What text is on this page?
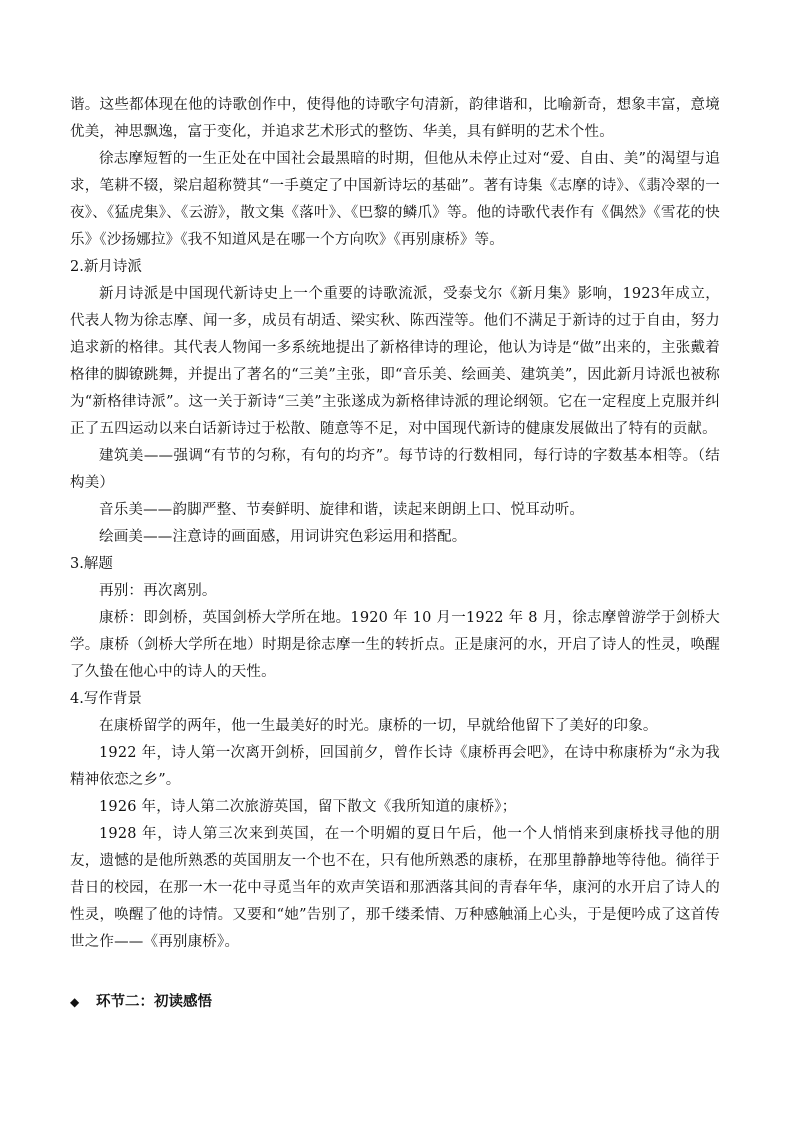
谐。这些都体现在他的诗歌创作中，使得他的诗歌字句清新，韵律谐和，比喻新奇，想象丰富，意境优美，神思飘逸，富于变化，并追求艺术形式的整饬、华美，具有鲜明的艺术个性。

徐志摩短暂的一生正处在中国社会最黑暗的时期，但他从未停止过对“爱、自由、美”的渴望与追求，笔耕不辍，梁启超称赞其“一手奠定了中国新诗坛的基础”。著有诗集《志摩的诗》、《翡冷翠的一夜》、《猛虎集》、《云游》，散文集《落叶》、《巴黎的鳞爪》等。他的诗歌代表作有《偶然》《雪花的快乐》《沙扬娜拉》《我不知道风是在哪一个方向吹》《再别康桥》等。

2.新月诗派

新月诗派是中国现代新诗史上一个重要的诗歌流派，受泰戈尔《新月集》影响，1923年成立，代表人物为徐志摩、闻一多，成员有胡适、梁实秋、陈西滢等。他们不满足于新诗的过于自由，努力追求新的格律。其代表人物闻一多系统地提出了新格律诗的理论，他认为诗是“做”出来的，主张戴着格律的脚镣跳舞，并提出了著名的“三美”主张，即“音乐美、绘画美、建筑美”，因此新月诗派也被称为“新格律诗派”。这一关于新诗“三美”主张遂成为新格律诗派的理论纲领。它在一定程度上克服并纠正了五四运动以来白话新诗过于松散、随意等不足，对中国现代新诗的健康发展做出了特有的贡献。

建筑美——强调“有节的匀称，有句的均齐”。每节诗的行数相同，每行诗的字数基本相等。（结构美）

音乐美——韵脚严整、节奏鲜明、旋律和谐，读起来朗朗上口、悦耳动听。

绘画美——注意诗的画面感，用词讲究色彩运用和搭配。

3.解题

再别：再次离别。

康桥：即剑桥，英国剑桥大学所在地。1920 年 10 月一1922 年 8 月，徐志摩曾游学于剑桥大学。康桥（剑桥大学所在地）时期是徐志摩一生的转折点。正是康河的水，开启了诗人的性灵，唤醒了久蛰在他心中的诗人的天性。

4.写作背景

在康桥留学的两年，他一生最美好的时光。康桥的一切，早就给他留下了美好的印象。

1922 年，诗人第一次离开剑桥，回国前夕，曾作长诗《康桥再会吧》，在诗中称康桥为“永为我精神依恋之乡”。

1926 年，诗人第二次旅游英国，留下散文《我所知道的康桥》；

1928 年，诗人第三次来到英国，在一个明媚的夏日午后，他一个人悄悄来到康桥找寻他的朋友，遗憾的是他所熟悉的英国朋友一个也不在，只有他所熟悉的康桥，在那里静静地等待他。徜徉于昔日的校园，在那一木一花中寻觅当年的欢声笑语和那洒落其间的青春年华，康河的水开启了诗人的性灵，唤醒了他的诗情。又要和“她”告别了，那千缕柔情、万种感触涌上心头，于是便吟成了这首传世之作——《再别康桥》。

◆ 环节二：初读感悟
